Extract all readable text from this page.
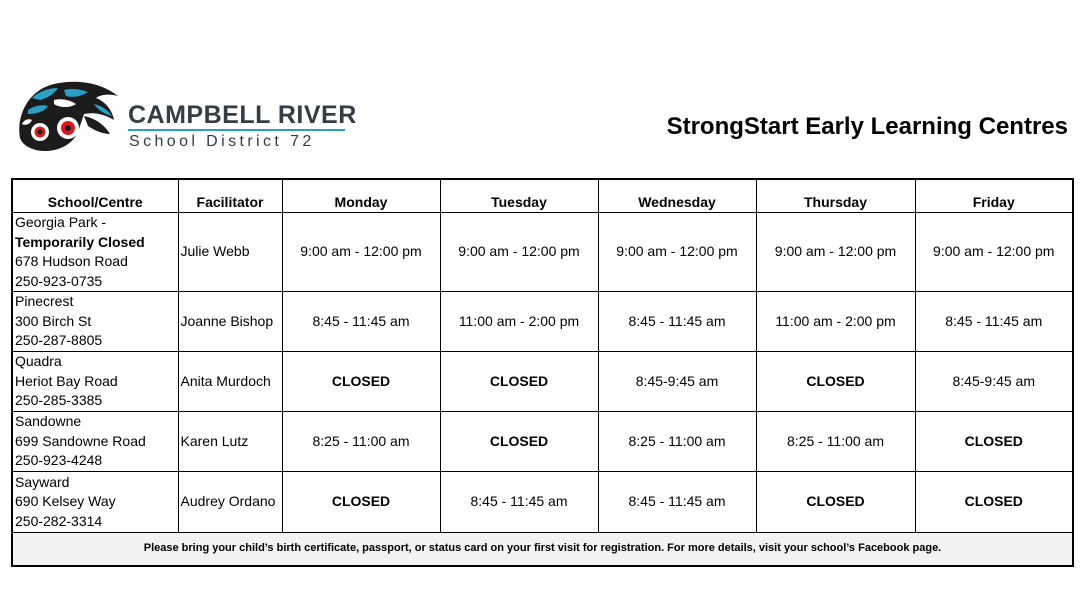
CAMPBELL RIVER
School District 72
StrongStart Early Learning Centres
School/Centre	Facilitator	Monday	Tuesday	Wednesday	Thursday	Friday

Georgia Park -
Temporarily Closed
678 Hudson Road
250-923-0735	Julie Webb	9:00 am - 12:00 pm	9:00 am - 12:00 pm	9:00 am - 12:00 pm	9:00 am - 12:00 pm	9:00 am - 12:00 pm

Pinecrest
300 Birch St
250-287-8805	Joanne Bishop	8:45 - 11:45 am	11:00 am - 2:00 pm	8:45 - 11:45 am	11:00 am - 2:00 pm	8:45 - 11:45 am

Quadra
Heriot Bay Road
250-285-3385	Anita Murdoch	CLOSED	CLOSED	8:45-9:45 am	CLOSED	8:45-9:45 am

Sandowne
699 Sandowne Road
250-923-4248	Karen Lutz	8:25 - 11:00 am	CLOSED	8:25 - 11:00 am	8:25 - 11:00 am	CLOSED

Sayward
690 Kelsey Way
250-282-3314	Audrey Ordano	CLOSED	8:45 - 11:45 am	8:45 - 11:45 am	CLOSED	CLOSED
Please bring your child’s birth certificate, passport, or status card on your first visit for registration. For more details, visit your school’s Facebook page.						
